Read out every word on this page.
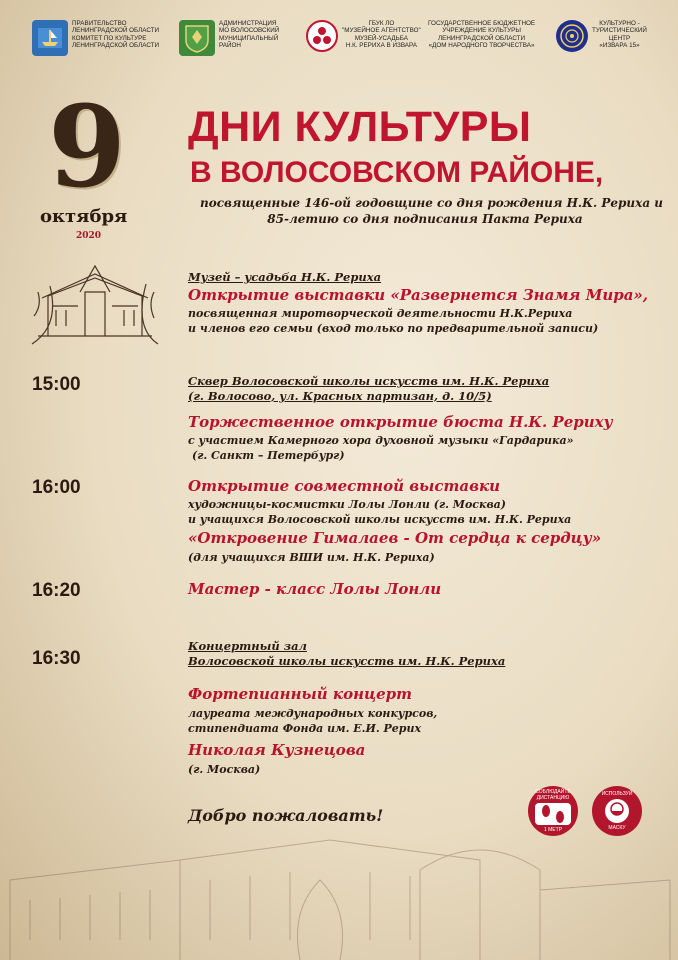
ПРАВИТЕЛЬСТВО
ЛЕНИНГРАДСКОЙ ОБЛАСТИ
КОМИТЕТ ПО КУЛЬТУРЕ
ЛЕНИНГРАДСКОЙ ОБЛАСТИ
АДМИНИСТРАЦИЯ
МО ВОЛОСОВСКИЙ
МУНИЦИПАЛЬНЫЙ
РАЙОН
ГБУК ЛО
"МУЗЕЙНОЕ АГЕНТСТВО"
МУЗЕЙ-УСАДЬБА
Н.К. РЕРИХА В ИЗВАРА
ГОСУДАРСТВЕННОЕ БЮДЖЕТНОЕ
УЧРЕЖДЕНИЕ КУЛЬТУРЫ
ЛЕНИНГРАДСКОЙ ОБЛАСТИ
«ДОМ НАРОДНОГО ТВОРЧЕСТВА»
КУЛЬТУРНО -
ТУРИСТИЧЕСКИЙ
ЦЕНТР
«ИЗВАРА 15»
9
октября
2020
ДНИ КУЛЬТУРЫ
В ВОЛОСОВСКОМ РАЙОНЕ,
посвященные 146-ой годовщине со дня рождения Н.К. Рериха и
85-летию со дня подписания Пакта Рериха
Музей – усадьба Н.К. Рериха
Открытие выставки «Развернется Знамя Мира»,
посвященная миротворческой деятельности Н.К.Рериха
и членов его семьи (вход только по предварительной записи)
15:00	Сквер Волосовской школы искусств им. Н.К. Рериха
(г. Волосово, ул. Красных партизан, д. 10/5)
Торжественное открытие бюста Н.К. Рериху
с участием Камерного хора духовной музыки «Гардарика»
(г. Санкт – Петербург)
16:00	Открытие совместной выставки
художницы-космистки Лолы Лонли (г. Москва)
и учащихся Волосовской школы искусств им. Н.К. Рериха
«Откровение Гималаев - От сердца к сердцу»
(для учащихся ВШИ им. Н.К. Рериха)
16:20	Мастер - класс Лолы Лонли
16:30
Концертный зал
Волосовской школы искусств им. Н.К. Рериха
Фортепианный концерт
лауреата международных конкурсов,
стипендиата Фонда им. Е.И. Рерих
Николая Кузнецова
(г. Москва)
Добро пожаловать!
СОБЛЮДАЙТЕ ДИСТАНЦИЮ
1 МЕТР
ИСПОЛЬЗУЙ
МАСКУ
